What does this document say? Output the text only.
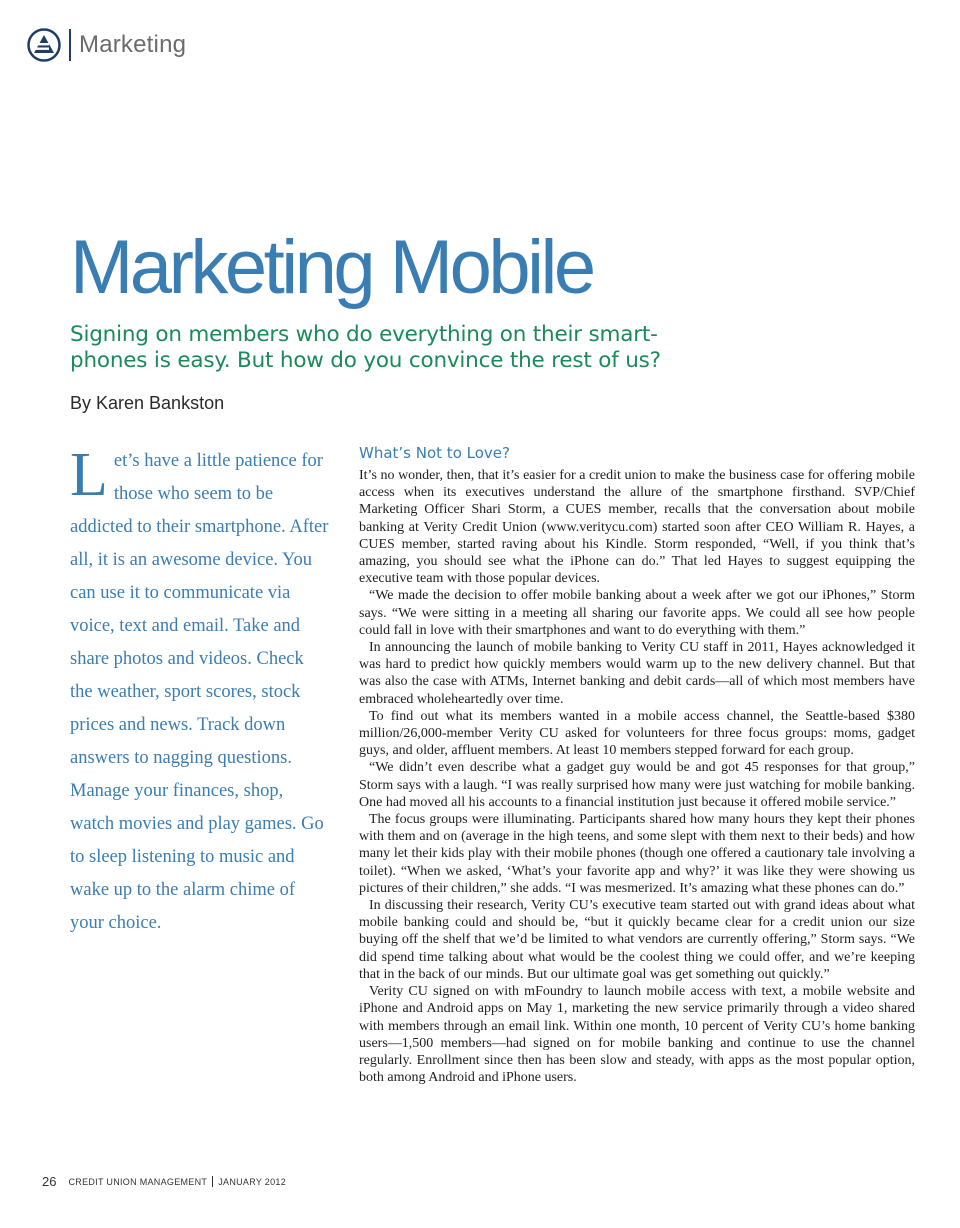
Marketing
Marketing Mobile

Signing on members who do everything on their smart-phones is easy. But how do you convince the rest of us?

By Karen Bankston

Let’s have a little patience for those who seem to be addicted to their smartphone. After all, it is an awesome device. You can use it to communicate via voice, text and email. Take and share photos and videos. Check the weather, sport scores, stock prices and news. Track down answers to nagging questions. Manage your finances, shop, watch movies and play games. Go to sleep listening to music and wake up to the alarm chime of your choice.
What’s Not to Love?

It’s no wonder, then, that it’s easier for a credit union to make the business case for offering mobile access when its executives understand the allure of the smartphone firsthand. SVP/Chief Marketing Officer Shari Storm, a CUES member, recalls that the conversation about mobile banking at Verity Credit Union (www.veritycu.com) started soon after CEO William R. Hayes, a CUES member, started raving about his Kindle. Storm responded, “Well, if you think that’s amazing, you should see what the iPhone can do.” That led Hayes to suggest equipping the executive team with those popular devices.

“We made the decision to offer mobile banking about a week after we got our iPhones,” Storm says. “We were sitting in a meeting all sharing our favorite apps. We could all see how people could fall in love with their smartphones and want to do everything with them.”

In announcing the launch of mobile banking to Verity CU staff in 2011, Hayes acknowledged it was hard to predict how quickly members would warm up to the new delivery channel. But that was also the case with ATMs, Internet banking and debit cards—all of which most members have embraced wholeheartedly over time.

To find out what its members wanted in a mobile access channel, the Seattle-based $380 million/26,000-member Verity CU asked for volunteers for three focus groups: moms, gadget guys, and older, affluent members. At least 10 members stepped forward for each group.

“We didn’t even describe what a gadget guy would be and got 45 responses for that group,” Storm says with a laugh. “I was really surprised how many were just watching for mobile banking. One had moved all his accounts to a financial institution just because it offered mobile service.”

The focus groups were illuminating. Participants shared how many hours they kept their phones with them and on (average in the high teens, and some slept with them next to their beds) and how many let their kids play with their mobile phones (though one offered a cautionary tale involving a toilet). “When we asked, ‘What’s your favorite app and why?’ it was like they were showing us pictures of their children,” she adds. “I was mesmerized. It’s amazing what these phones can do.”

In discussing their research, Verity CU’s executive team started out with grand ideas about what mobile banking could and should be, “but it quickly became clear for a credit union our size buying off the shelf that we’d be limited to what vendors are currently offering,” Storm says. “We did spend time talking about what would be the coolest thing we could offer, and we’re keeping that in the back of our minds. But our ultimate goal was get something out quickly.”

Verity CU signed on with mFoundry to launch mobile access with text, a mobile website and iPhone and Android apps on May 1, marketing the new service primarily through a video shared with members through an email link. Within one month, 10 percent of Verity CU’s home banking users—1,500 members—had signed on for mobile banking and continue to use the channel regularly. Enrollment since then has been slow and steady, with apps as the most popular option, both among Android and iPhone users.

26 CREDIT UNION MANAGEMENT JANUARY 2012
